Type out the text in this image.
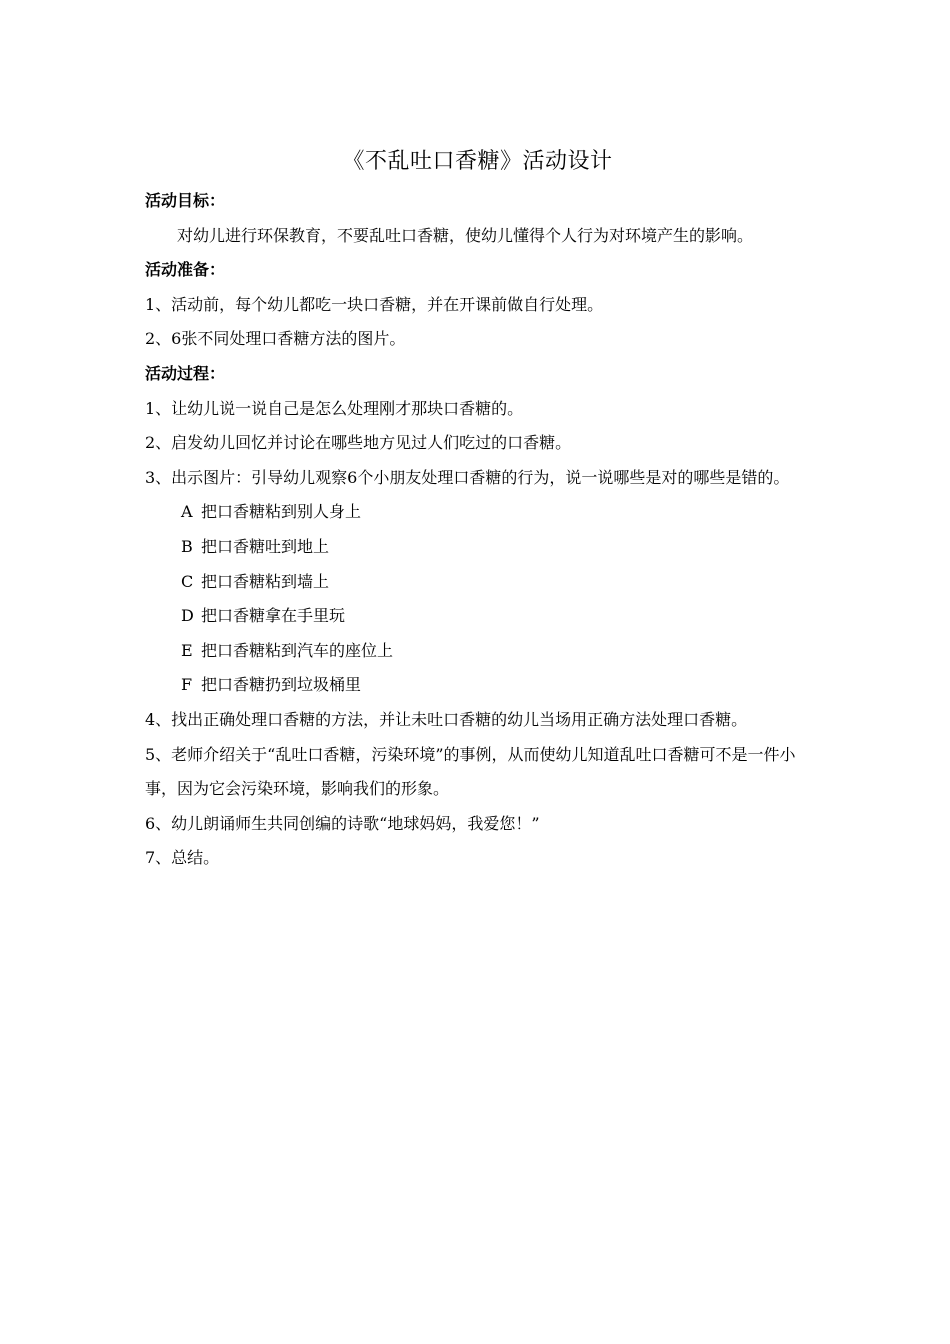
《不乱吐口香糖》活动设计

活动目标：

对幼儿进行环保教育，不要乱吐口香糖，使幼儿懂得个人行为对环境产生的影响。

活动准备：

1、活动前，每个幼儿都吃一块口香糖，并在开课前做自行处理。
2、6张不同处理口香糖方法的图片。

活动过程：

1、让幼儿说一说自己是怎么处理刚才那块口香糖的。
2、启发幼儿回忆并讨论在哪些地方见过人们吃过的口香糖。
3、出示图片：引导幼儿观察6个小朋友处理口香糖的行为，说一说哪些是对的哪些是错的。
A 把口香糖粘到别人身上
B 把口香糖吐到地上
C 把口香糖粘到墙上
D 把口香糖拿在手里玩
E 把口香糖粘到汽车的座位上
F 把口香糖扔到垃圾桶里
4、找出正确处理口香糖的方法，并让未吐口香糖的幼儿当场用正确方法处理口香糖。
5、老师介绍关于“乱吐口香糖，污染环境”的事例，从而使幼儿知道乱吐口香糖可不是一件小事，因为它会污染环境，影响我们的形象。
6、幼儿朗诵师生共同创编的诗歌“地球妈妈，我爱您！”
7、总结。
